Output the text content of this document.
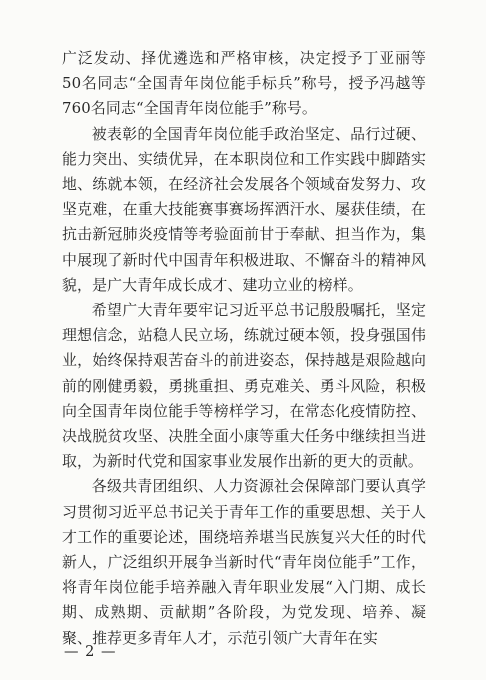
广泛发动、择优遴选和严格审核，决定授予丁亚丽等50名同志“全国青年岗位能手标兵”称号，授予冯越等760名同志“全国青年岗位能手”称号。

被表彰的全国青年岗位能手政治坚定、品行过硬、能力突出、实绩优异，在本职岗位和工作实践中脚踏实地、练就本领，在经济社会发展各个领域奋发努力、攻坚克难，在重大技能赛事赛场挥洒汗水、屡获佳绩，在抗击新冠肺炎疫情等考验面前甘于奉献、担当作为，集中展现了新时代中国青年积极进取、不懈奋斗的精神风貌，是广大青年成长成才、建功立业的榜样。

希望广大青年要牢记习近平总书记殷殷嘱托，坚定理想信念，站稳人民立场，练就过硬本领，投身强国伟业，始终保持艰苦奋斗的前进姿态，保持越是艰险越向前的刚健勇毅，勇挑重担、勇克难关、勇斗风险，积极向全国青年岗位能手等榜样学习，在常态化疫情防控、决战脱贫攻坚、决胜全面小康等重大任务中继续担当进取，为新时代党和国家事业发展作出新的更大的贡献。

各级共青团组织、人力资源社会保障部门要认真学习贯彻习近平总书记关于青年工作的重要思想、关于人才工作的重要论述，围绕培养堪当民族复兴大任的时代新人，广泛组织开展争当新时代“青年岗位能手”工作，将青年岗位能手培养融入青年职业发展“入门期、成长期、成熟期、贡献期”各阶段，为党发现、培养、凝聚、推荐更多青年人才，示范引领广大青年在实

— 2 —
